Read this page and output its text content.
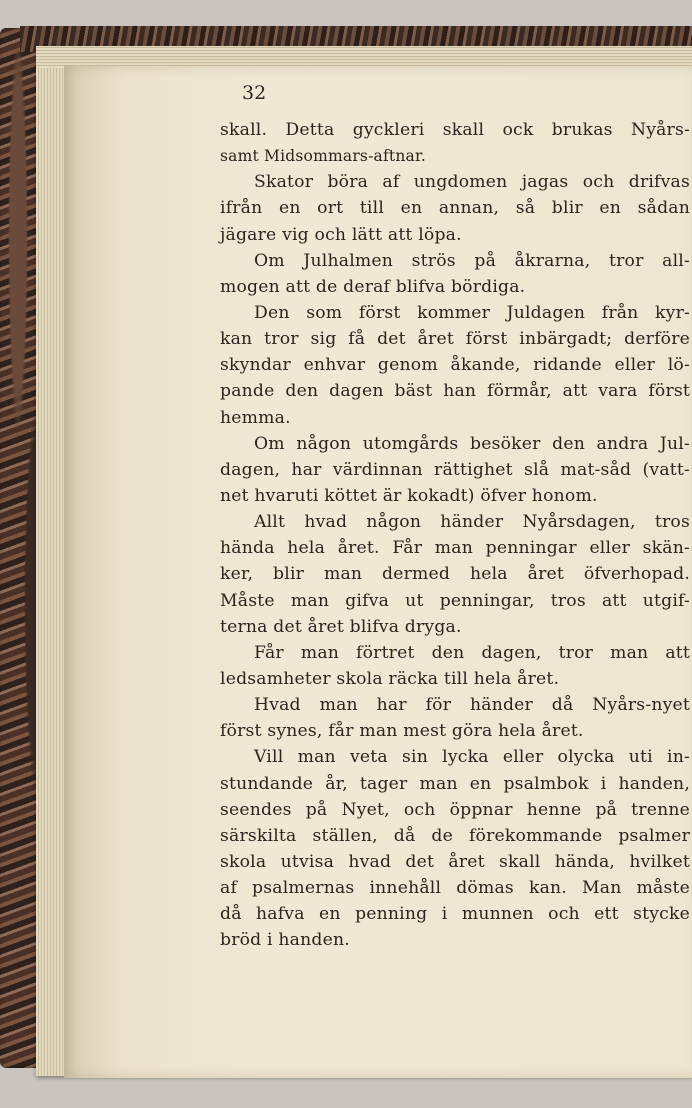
32
skall. Detta gyckleri skall ock brukas Nyårs-
samt Midsommars-aftnar.
Skator böra af ungdomen jagas och drifvas
ifrån en ort till en annan, så blir en sådan
jägare vig och lätt att löpa.
Om Julhalmen strös på åkrarna, tror all-
mogen att de deraf blifva bördiga.
Den som först kommer Juldagen från kyr-
kan tror sig få det året först inbärgadt; derföre
skyndar enhvar genom åkande, ridande eller lö-
pande den dagen bäst han förmår, att vara först
hemma.
Om någon utomgårds besöker den andra Jul-
dagen, har värdinnan rättighet slå mat-såd (vatt-
net hvaruti köttet är kokadt) öfver honom.
Allt hvad någon händer Nyårsdagen, tros
hända hela året. Får man penningar eller skän-
ker, blir man dermed hela året öfverhopad.
Måste man gifva ut penningar, tros att utgif-
terna det året blifva dryga.
Får man förtret den dagen, tror man att
ledsamheter skola räcka till hela året.
Hvad man har för händer då Nyårs-nyet
först synes, får man mest göra hela året.
Vill man veta sin lycka eller olycka uti in-
stundande år, tager man en psalmbok i handen,
seendes på Nyet, och öppnar henne på trenne
särskilta ställen, då de förekommande psalmer
skola utvisa hvad det året skall hända, hvilket
af psalmernas innehåll dömas kan. Man måste
då hafva en penning i munnen och ett stycke
bröd i handen.
